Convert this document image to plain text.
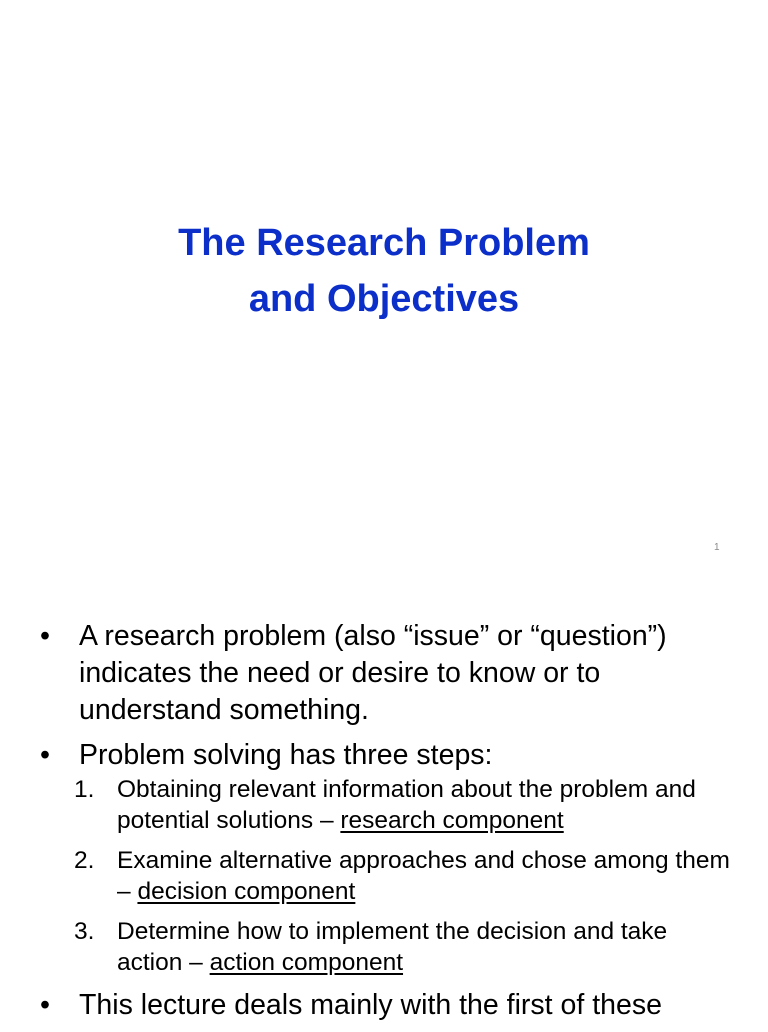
The Research Problem
and Objectives
1
• A research problem (also “issue” or “question”) indicates the need or desire to know or to understand something.
• Problem solving has three steps:
1. Obtaining relevant information about the problem and potential solutions – research component
2. Examine alternative approaches and chose among them – decision component
3. Determine how to implement the decision and take action – action component
• This lecture deals mainly with the first of these
